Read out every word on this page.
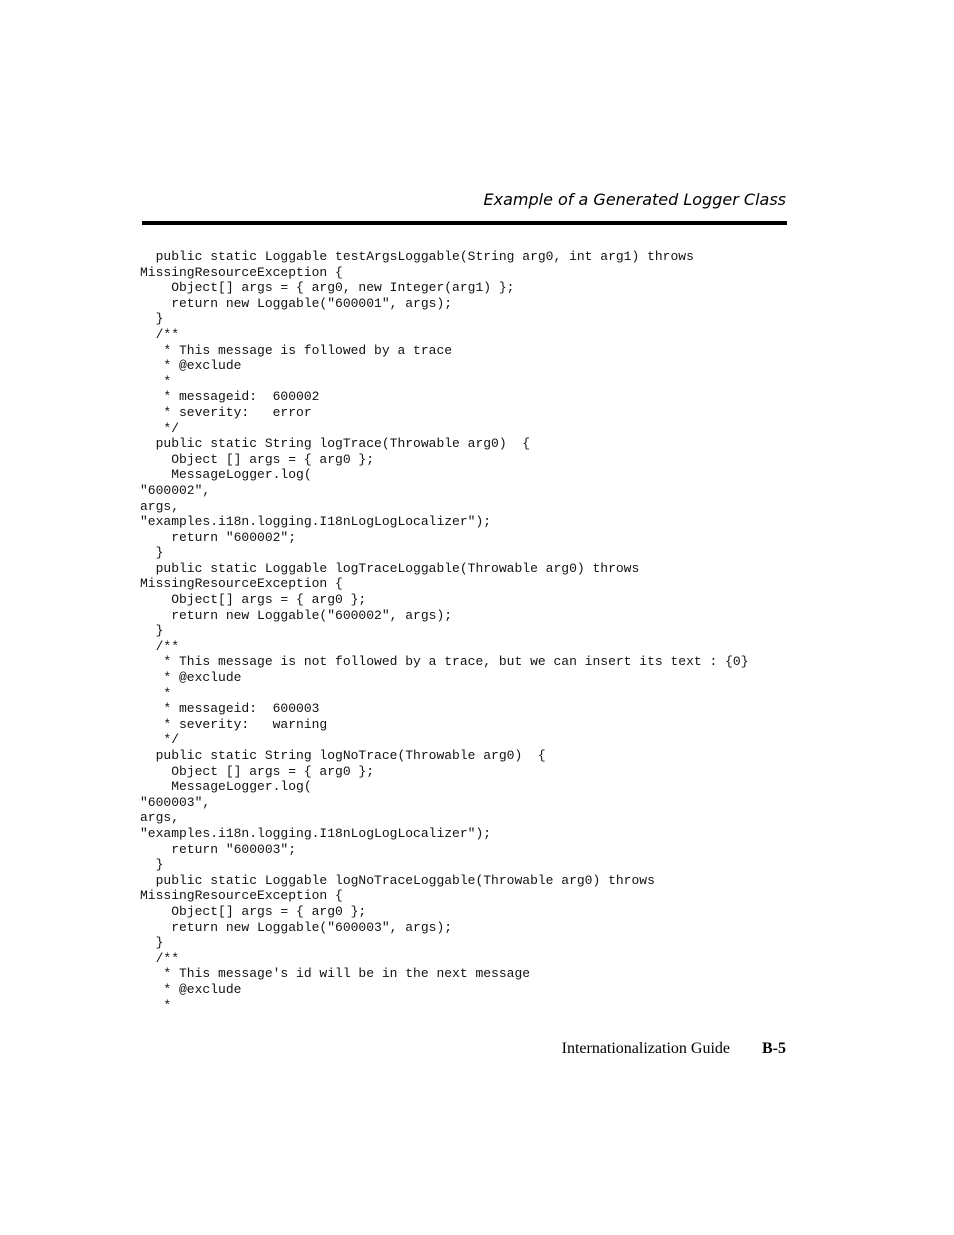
Example of a Generated Logger Class
public static Loggable testArgsLoggable(String arg0, int arg1) throws
MissingResourceException {
Object[] args = { arg0, new Integer(arg1) };
return new Loggable("600001", args);
}
/**
* This message is followed by a trace
* @exclude
*
* messageid:  600002
* severity:   error
*/
public static String logTrace(Throwable arg0)  {
Object [] args = { arg0 };
MessageLogger.log(
"600002",
args,
"examples.i18n.logging.I18nLogLogLocalizer");
return "600002";
}
public static Loggable logTraceLoggable(Throwable arg0) throws
MissingResourceException {
Object[] args = { arg0 };
return new Loggable("600002", args);
}
/**
* This message is not followed by a trace, but we can insert its text : {0}
* @exclude
*
* messageid:  600003
* severity:   warning
*/
public static String logNoTrace(Throwable arg0)  {
Object [] args = { arg0 };
MessageLogger.log(
"600003",
args,
"examples.i18n.logging.I18nLogLogLocalizer");
return "600003";
}
public static Loggable logNoTraceLoggable(Throwable arg0) throws
MissingResourceException {
Object[] args = { arg0 };
return new Loggable("600003", args);
}
/**
* This message's id will be in the next message
* @exclude
*
Internationalization Guide B-5
